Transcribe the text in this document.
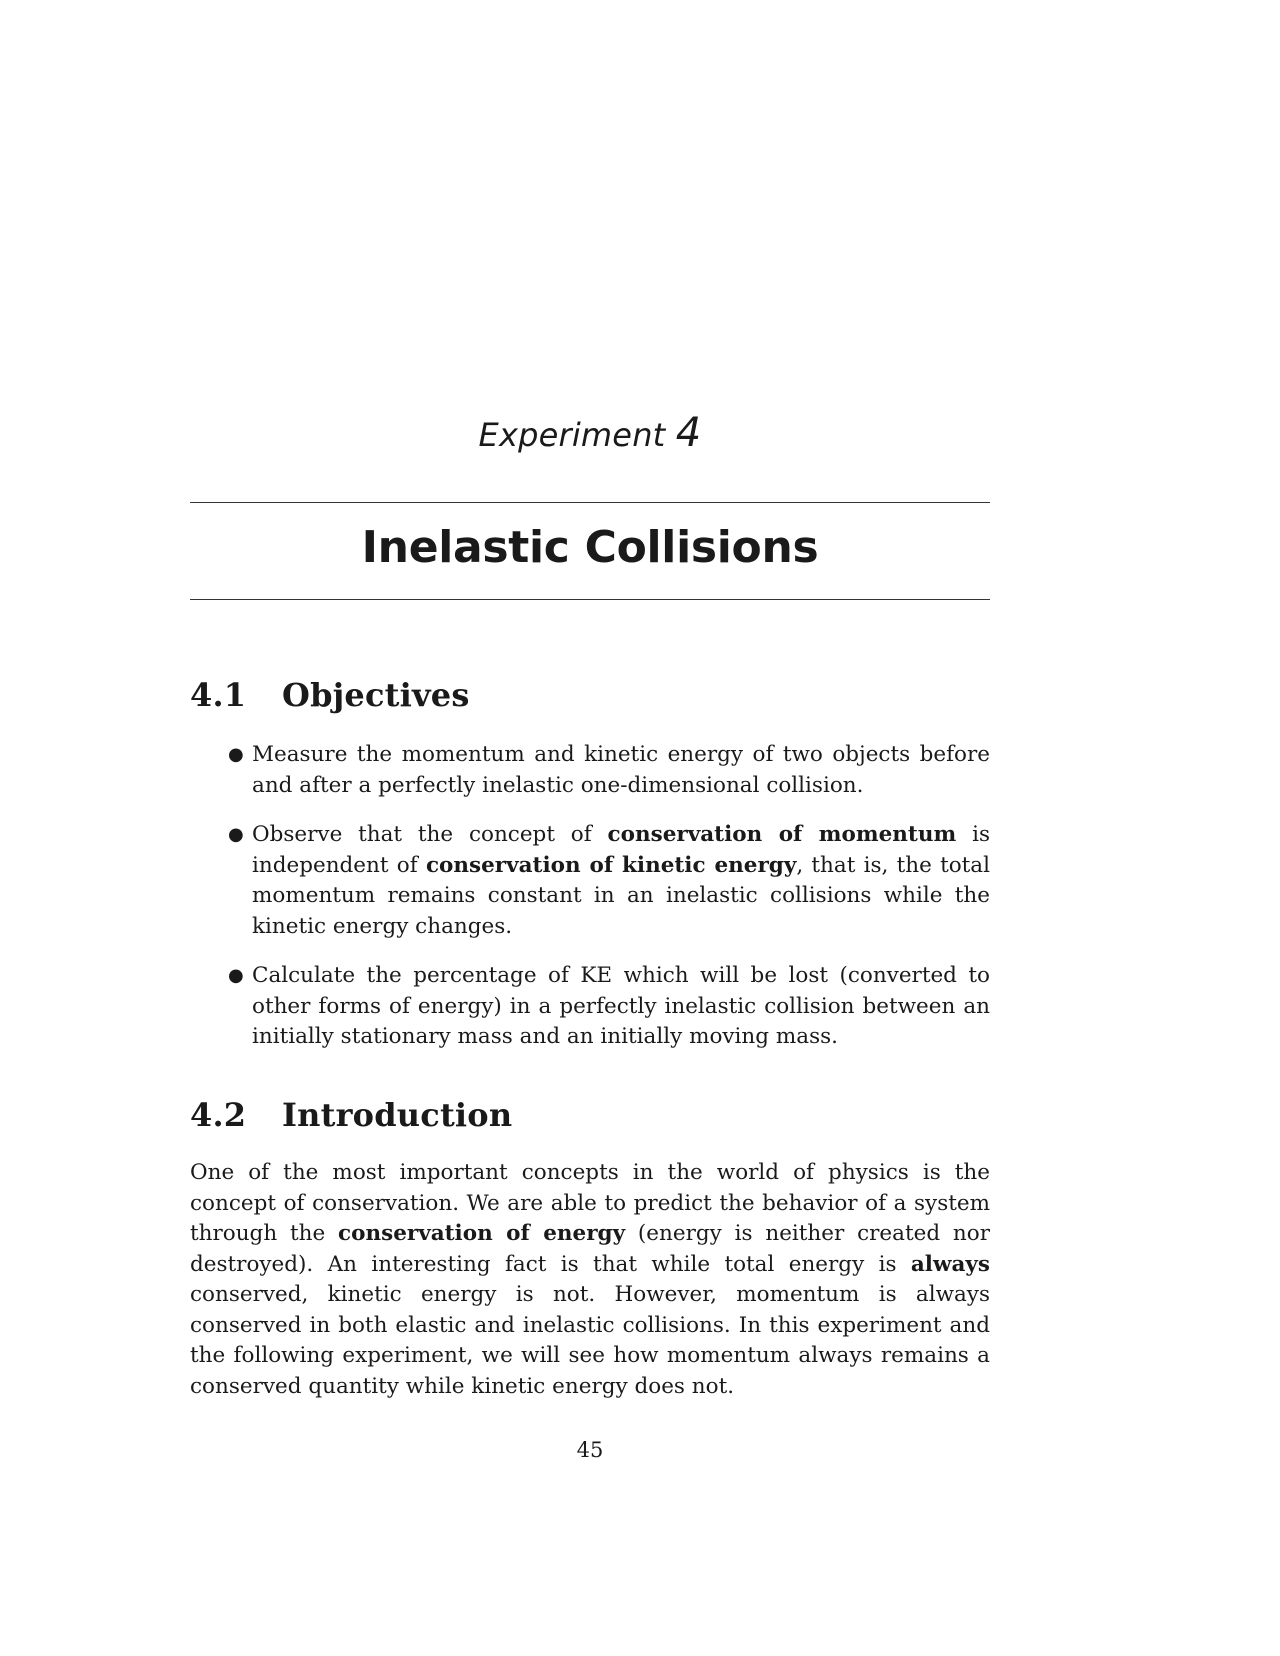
Experiment 4
Inelastic Collisions
4.1 Objectives
● Measure the momentum and kinetic energy of two objects before and after a perfectly inelastic one-dimensional collision.
● Observe that the concept of conservation of momentum is independent of conservation of kinetic energy, that is, the total momentum remains constant in an inelastic collisions while the kinetic energy changes.
● Calculate the percentage of KE which will be lost (converted to other forms of energy) in a perfectly inelastic collision between an initially stationary mass and an initially moving mass.
4.2 Introduction

One of the most important concepts in the world of physics is the concept of conservation. We are able to predict the behavior of a system through the conservation of energy (energy is neither created nor destroyed). An interesting fact is that while total energy is always conserved, kinetic energy is not. However, momentum is always conserved in both elastic and inelastic collisions. In this experiment and the following experiment, we will see how momentum always remains a conserved quantity while kinetic energy does not.

45
